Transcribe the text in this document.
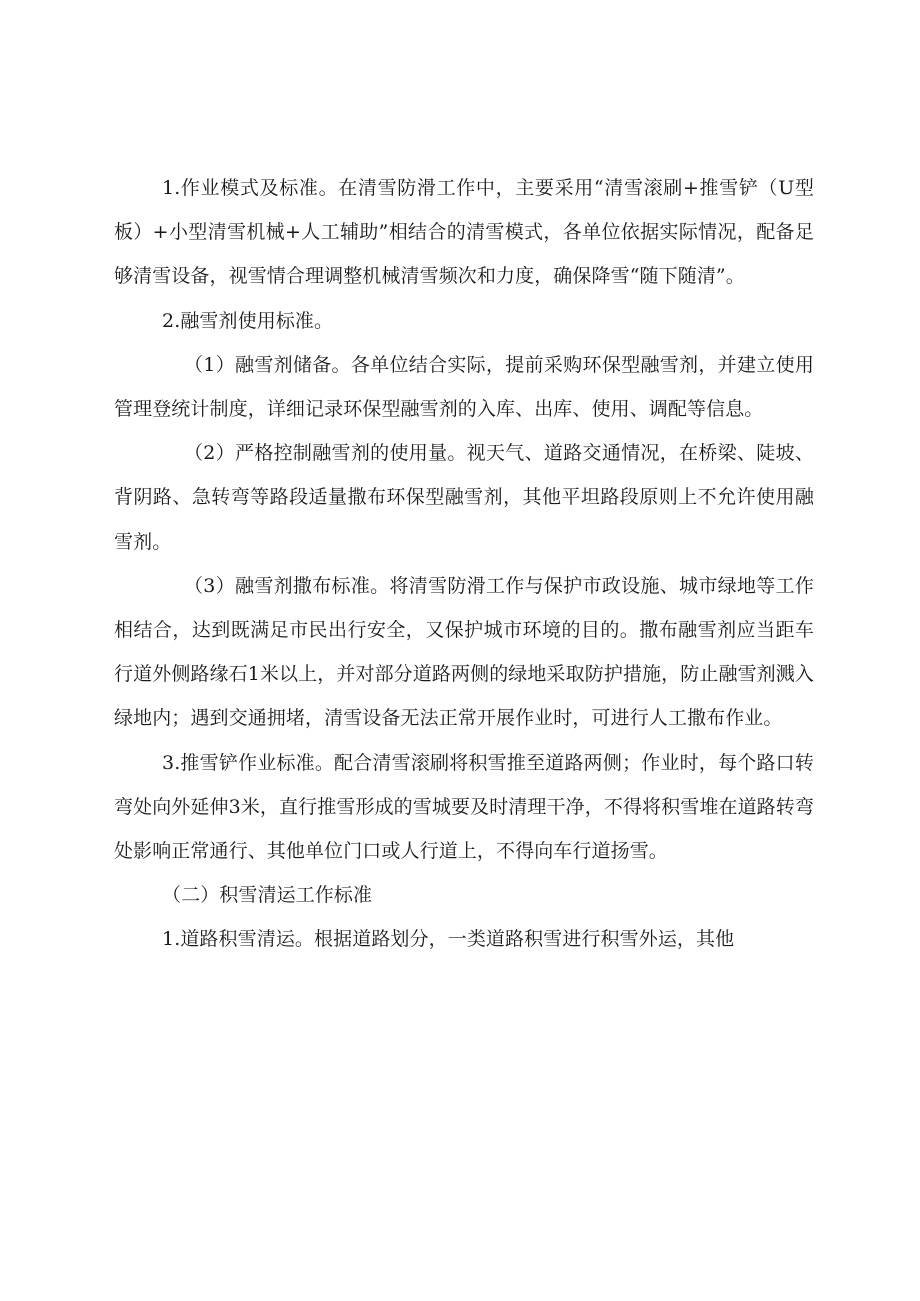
1.作业模式及标准。在清雪防滑工作中，主要采用“清雪滚刷+推雪铲（U型板）+小型清雪机械+人工辅助”相结合的清雪模式，各单位依据实际情况，配备足够清雪设备，视雪情合理调整机械清雪频次和力度，确保降雪“随下随清”。

2.融雪剂使用标准。

（1）融雪剂储备。各单位结合实际，提前采购环保型融雪剂，并建立使用管理登统计制度，详细记录环保型融雪剂的入库、出库、使用、调配等信息。

（2）严格控制融雪剂的使用量。视天气、道路交通情况，在桥梁、陡坡、背阴路、急转弯等路段适量撒布环保型融雪剂，其他平坦路段原则上不允许使用融雪剂。

（3）融雪剂撒布标准。将清雪防滑工作与保护市政设施、城市绿地等工作相结合，达到既满足市民出行安全，又保护城市环境的目的。撒布融雪剂应当距车行道外侧路缘石1米以上，并对部分道路两侧的绿地采取防护措施，防止融雪剂溅入绿地内；遇到交通拥堵，清雪设备无法正常开展作业时，可进行人工撒布作业。

3.推雪铲作业标准。配合清雪滚刷将积雪推至道路两侧；作业时，每个路口转弯处向外延伸3米，直行推雪形成的雪城要及时清理干净，不得将积雪堆在道路转弯处影响正常通行、其他单位门口或人行道上，不得向车行道扬雪。

（二）积雪清运工作标准

1.道路积雪清运。根据道路划分，一类道路积雪进行积雪外运，其他
